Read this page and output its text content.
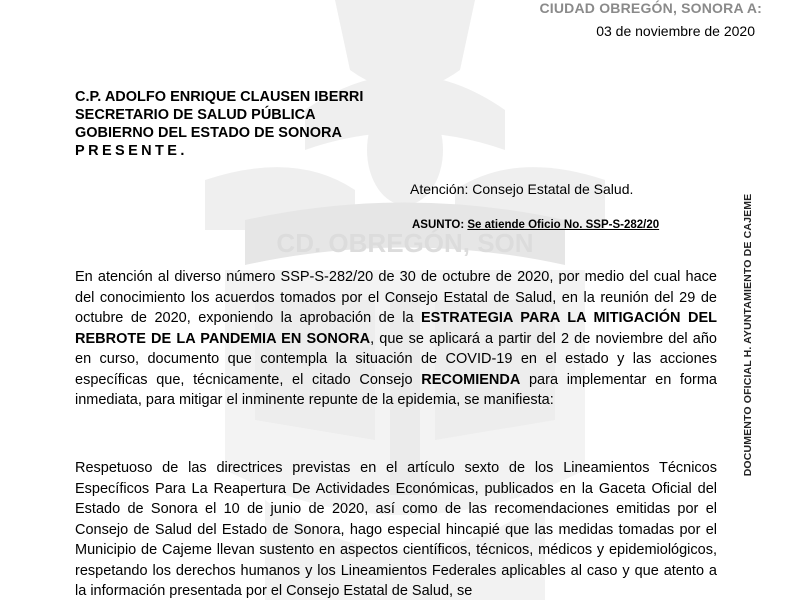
CD. OBREGÓN, SON
CIUDAD OBREGÓN, SONORA A:
03 de noviembre de 2020
C.P. ADOLFO ENRIQUE CLAUSEN IBERRI
SECRETARIO DE SALUD PÚBLICA
GOBIERNO DEL ESTADO DE SONORA
PRESENTE.
Atención: Consejo Estatal de Salud.
ASUNTO: Se atiende Oficio No. SSP-S-282/20

En atención al diverso número SSP-S-282/20 de 30 de octubre de 2020, por medio del cual hace del conocimiento los acuerdos tomados por el Consejo Estatal de Salud, en la reunión del 29 de octubre de 2020, exponiendo la aprobación de la ESTRATEGIA PARA LA MITIGACIÓN DEL REBROTE DE LA PANDEMIA EN SONORA, que se aplicará a partir del 2 de noviembre del año en curso, documento que contempla la situación de COVID-19 en el estado y las acciones específicas que, técnicamente, el citado Consejo RECOMIENDA para implementar en forma inmediata, para mitigar el inminente repunte de la epidemia, se manifiesta:

Respetuoso de las directrices previstas en el artículo sexto de los Lineamientos Técnicos Específicos Para La Reapertura De Actividades Económicas, publicados en la Gaceta Oficial del Estado de Sonora el 10 de junio de 2020, así como de las recomendaciones emitidas por el Consejo de Salud del Estado de Sonora, hago especial hincapié que las medidas tomadas por el Municipio de Cajeme llevan sustento en aspectos científicos, técnicos, médicos y epidemiológicos, respetando los derechos humanos y los Lineamientos Federales aplicables al caso y que atento a la información presentada por el Consejo Estatal de Salud, se

DOCUMENTO OFICIAL H. AYUNTAMIENTO DE CAJEME
